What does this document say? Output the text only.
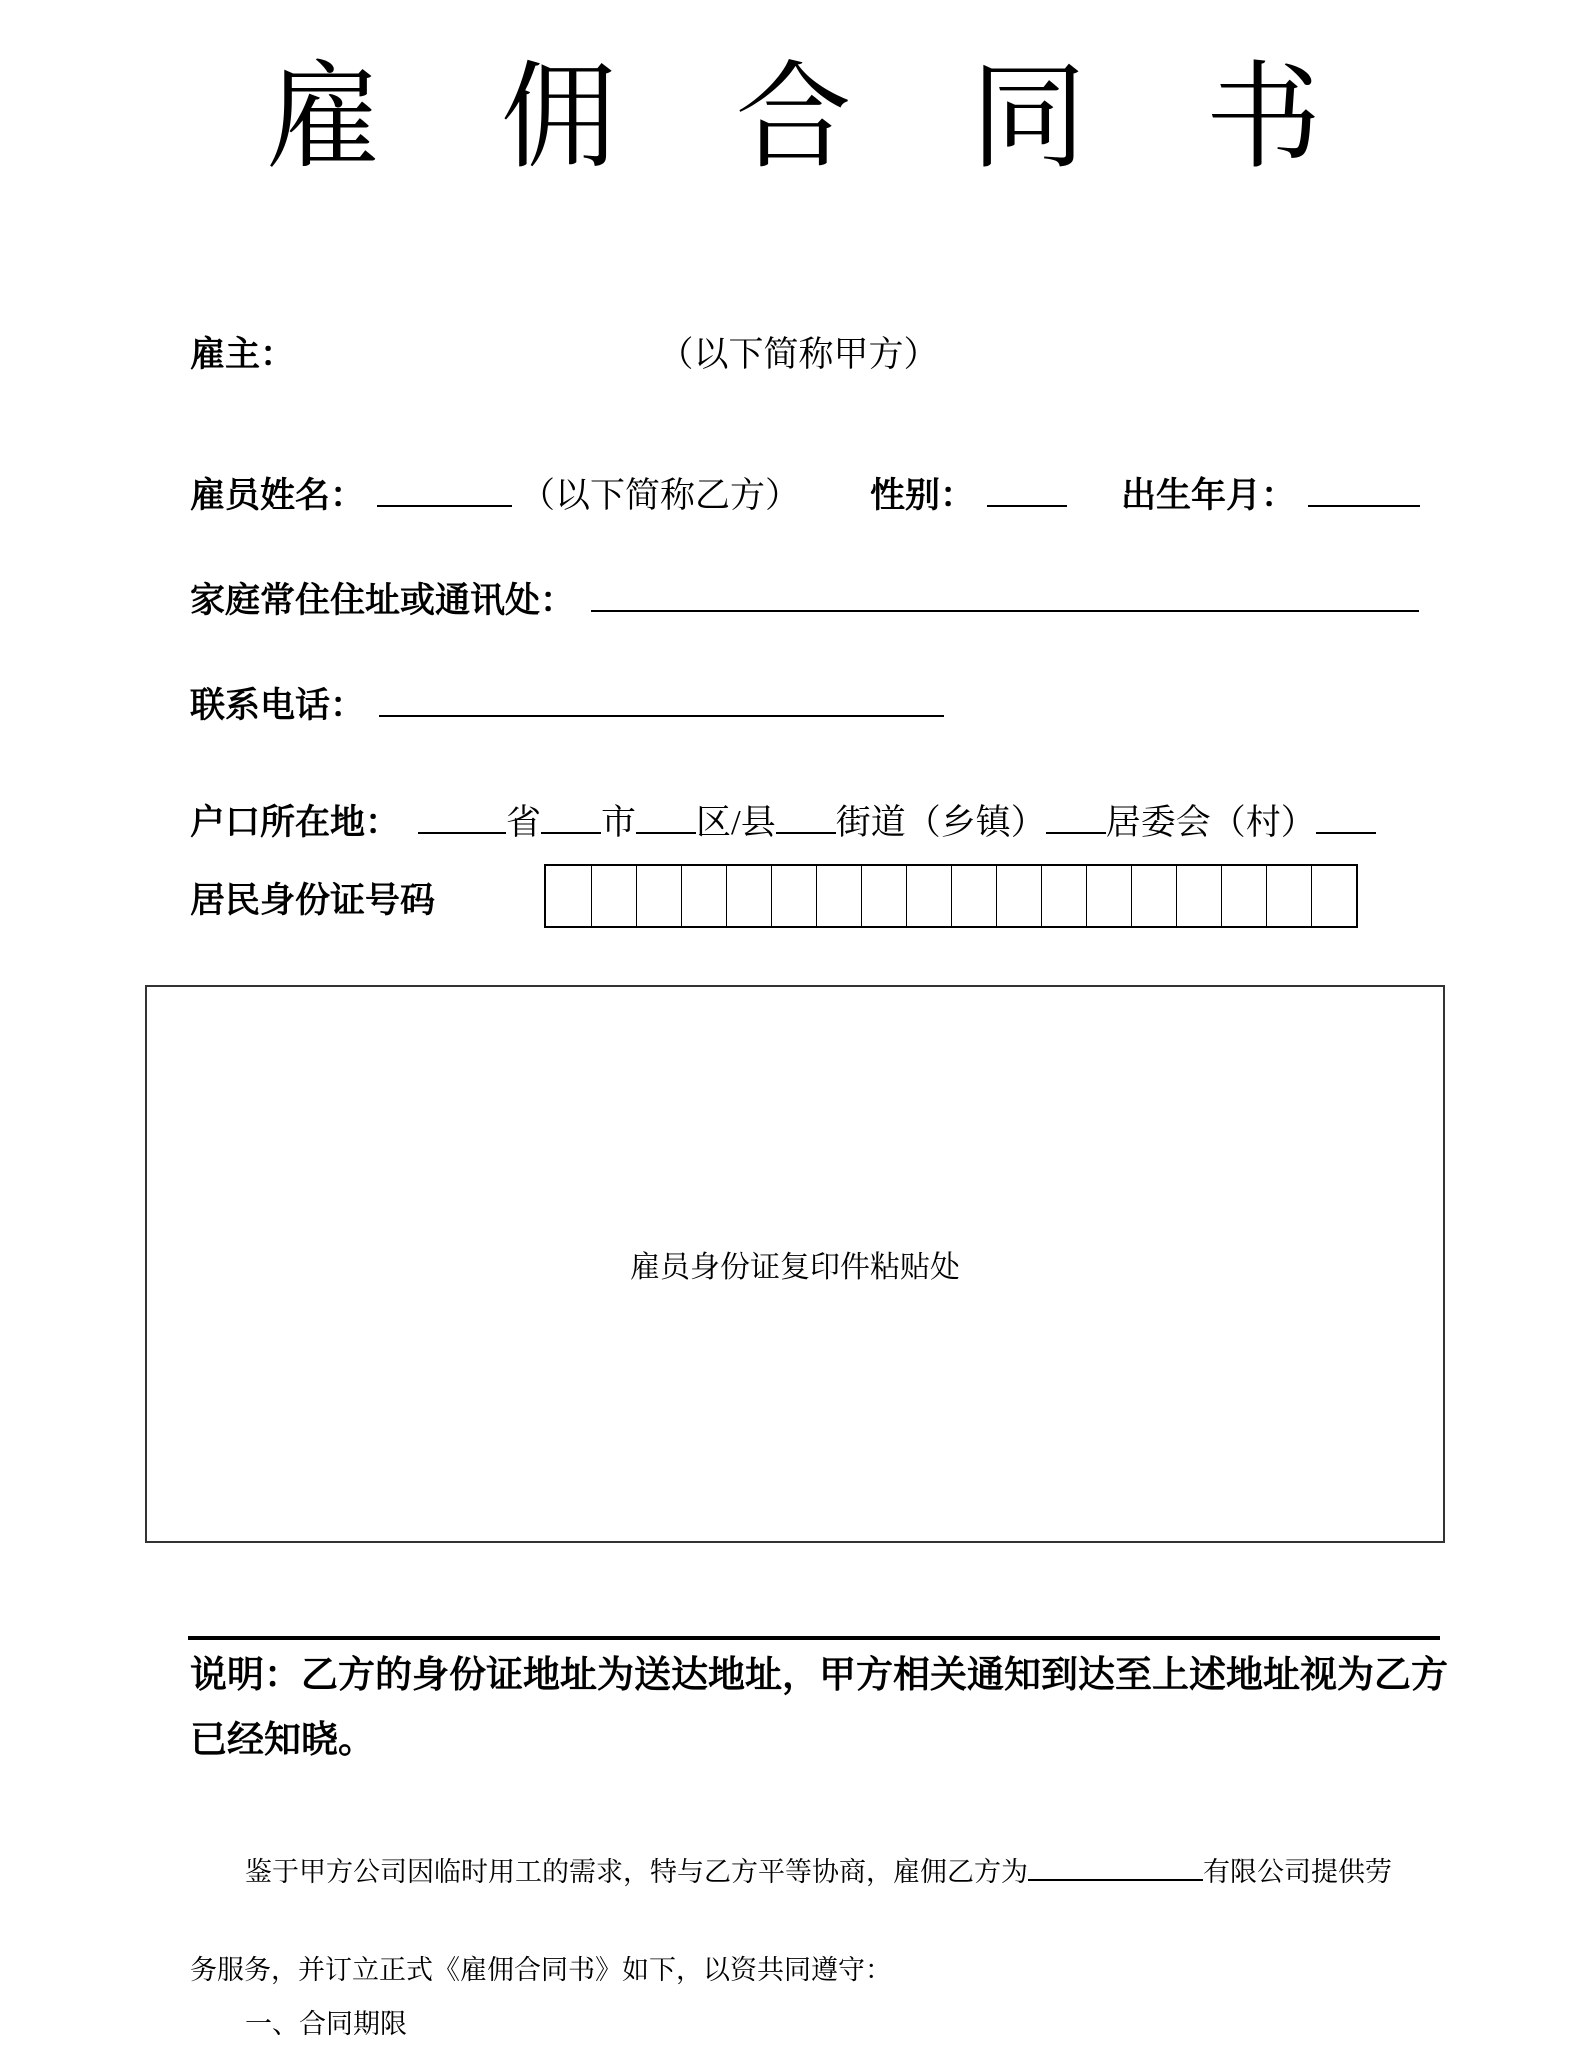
雇 佣 合 同 书
雇主：	（以下简称甲方）
雇员姓名：	（以下简称乙方） 性别：	出生年月：
家庭常住住址或通讯处：
联系电话：
户口所在地：	省 市 区/县 街道（乡镇） 居委会（村）
居民身份证号码
雇员身份证复印件粘贴处
说明：乙方的身份证地址为送达地址，甲方相关通知到达至上述地址视为乙方
已经知晓。
鉴于甲方公司因临时用工的需求，特与乙方平等协商，雇佣乙方为	有限公司提供劳
务服务，并订立正式《雇佣合同书》如下，以资共同遵守：
一、合同期限
